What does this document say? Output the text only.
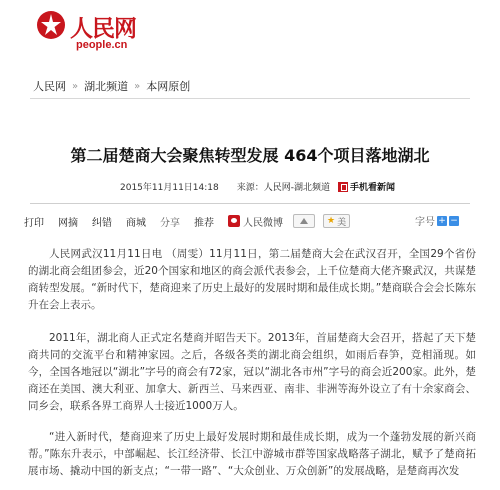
人民网
people.cn
人民网 » 湖北频道 » 本网原创
第二届楚商大会聚焦转型发展 464个项目落地湖北
2015年11月11日14:18 来源： 人民网-湖北频道 手机看新闻
打印 网摘 纠错 商城 分享 推荐	人民微博	★ 美	字号 + −

人民网武汉11月11日电 （周雯）11月11日，第二届楚商大会在武汉召开，全国29个省份的湖北商会组团参会，近20个国家和地区的商会派代表参会，上千位楚商大佬齐聚武汉，共谋楚商转型发展。“新时代下，楚商迎来了历史上最好的发展时期和最佳成长期。”楚商联合会会长陈东升在会上表示。

2011年，湖北商人正式定名楚商并昭告天下。2013年，首届楚商大会召开，搭起了天下楚商共同的交流平台和精神家园。之后，各级各类的湖北商会组织，如雨后春笋，竞相涌现。如今，全国各地冠以“湖北”字号的商会有72家，冠以“湖北各市州”字号的商会近200家。此外，楚商还在美国、澳大利亚、加拿大、新西兰、马来西亚、南非、非洲等海外设立了有十余家商会、同乡会，联系各界工商界人士接近1000万人。

“进入新时代，楚商迎来了历史上最好发展时期和最佳成长期，成为一个蓬勃发展的新兴商帮。”陈东升表示，中部崛起、长江经济带、长江中游城市群等国家战略落子湖北，赋予了楚商拓展市场、撬动中国的新支点；“一带一路”、“大众创业、万众创新”的发展战略，是楚商再次发
